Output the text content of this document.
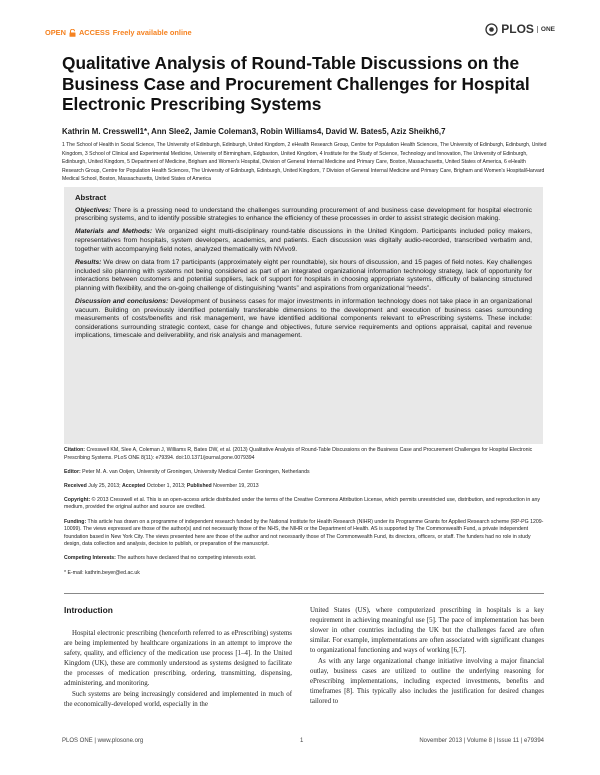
OPEN ACCESS Freely available online	PLOS	ONE
Qualitative Analysis of Round-Table Discussions on the Business Case and Procurement Challenges for Hospital Electronic Prescribing Systems

Kathrin M. Cresswell1*, Ann Slee2, Jamie Coleman3, Robin Williams4, David W. Bates5, Aziz Sheikh6,7

1 The School of Health in Social Science, The University of Edinburgh, Edinburgh, United Kingdom, 2 eHealth Research Group, Centre for Population Health Sciences, The University of Edinburgh, Edinburgh, United Kingdom, 3 School of Clinical and Experimental Medicine, University of Birmingham, Edgbaston, United Kingdom, 4 Institute for the Study of Science, Technology and Innovation, The University of Edinburgh, Edinburgh, United Kingdom, 5 Department of Medicine, Brigham and Women's Hospital, Division of General Internal Medicine and Primary Care, Boston, Massachusetts, United States of America, 6 eHealth Research Group, Centre for Population Health Sciences, The University of Edinburgh, Edinburgh, United Kingdom, 7 Division of General Internal Medicine and Primary Care, Brigham and Women's Hospital/Harvard Medical School, Boston, Massachusetts, United States of America

Abstract

Objectives: There is a pressing need to understand the challenges surrounding procurement of and business case development for hospital electronic prescribing systems, and to identify possible strategies to enhance the efficiency of these processes in order to assist strategic decision making.

Materials and Methods: We organized eight multi-disciplinary round-table discussions in the United Kingdom. Participants included policy makers, representatives from hospitals, system developers, academics, and patients. Each discussion was digitally audio-recorded, transcribed verbatim and, together with accompanying field notes, analyzed thematically with NVivo9.

Results: We drew on data from 17 participants (approximately eight per roundtable), six hours of discussion, and 15 pages of field notes. Key challenges included silo planning with systems not being considered as part of an integrated organizational information technology strategy, lack of opportunity for interactions between customers and potential suppliers, lack of support for hospitals in choosing appropriate systems, difficulty of balancing structured planning with flexibility, and the on-going challenge of distinguishing “wants” and aspirations from organizational “needs”.

Discussion and conclusions: Development of business cases for major investments in information technology does not take place in an organizational vacuum. Building on previously identified potentially transferable dimensions to the development and execution of business cases surrounding measurements of costs/benefits and risk management, we have identified additional components relevant to ePrescribing systems. These include: considerations surrounding strategic context, case for change and objectives, future service requirements and options appraisal, capital and revenue implications, timescale and deliverability, and risk analysis and management.

Citation: Cresswell KM, Slee A, Coleman J, Williams R, Bates DW, et al. (2013) Qualitative Analysis of Round-Table Discussions on the Business Case and Procurement Challenges for Hospital Electronic Prescribing Systems. PLoS ONE 8(11): e79394. doi:10.1371/journal.pone.0079394

Editor: Peter M. A. van Ooijen, University of Groningen, University Medical Center Groningen, Netherlands

Received July 25, 2013; Accepted October 1, 2013; Published November 19, 2013

Copyright: © 2013 Cresswell et al. This is an open-access article distributed under the terms of the Creative Commons Attribution License, which permits unrestricted use, distribution, and reproduction in any medium, provided the original author and source are credited.

Funding: This article has drawn on a programme of independent research funded by the National Institute for Health Research (NIHR) under its Programme Grants for Applied Research scheme (RP-PG 1209-10099). The views expressed are those of the author(s) and not necessarily those of the NHS, the NIHR or the Department of Health. AS is supported by The Commonwealth Fund, a private independent foundation based in New York City. The views presented here are those of the author and not necessarily those of The Commonwealth Fund, its directors, officers, or staff. The funders had no role in study design, data collection and analysis, decision to publish, or preparation of the manuscript.

Competing Interests: The authors have declared that no competing interests exist.

* E-mail: kathrin.beyer@ed.ac.uk

Introduction

Hospital electronic prescribing (henceforth referred to as ePrescribing) systems are being implemented by healthcare organizations in an attempt to improve the safety, quality, and efficiency of the medication use process [1–4]. In the United Kingdom (UK), these are commonly understood as systems designed to facilitate the processes of medication prescribing, ordering, transmitting, dispensing, administering, and monitoring.

Such systems are being increasingly considered and implemented in much of the economically-developed world, especially in the

United States (US), where computerized prescribing in hospitals is a key requirement in achieving meaningful use [5]. The pace of implementation has been slower in other countries including the UK but the challenges faced are often similar. For example, implementations are often associated with significant changes to organizational functioning and ways of working [6,7].

As with any large organizational change initiative involving a major financial outlay, business cases are utilized to outline the underlying reasoning for ePrescribing implementations, including expected investments, benefits and timeframes [8]. This typically also includes the justification for desired changes tailored to

PLOS ONE | www.plosone.org	1	November 2013 | Volume 8 | Issue 11 | e79394
